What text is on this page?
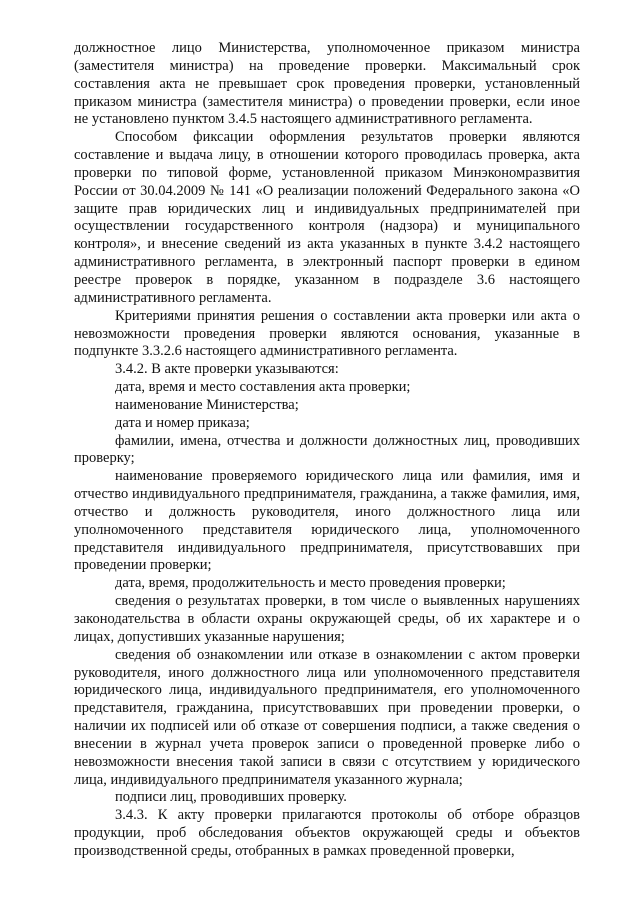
должностное лицо Министерства, уполномоченное приказом министра (заместителя министра) на проведение проверки. Максимальный срок составления акта не превышает срок проведения проверки, установленный приказом министра (заместителя министра) о проведении проверки, если иное не установлено пунктом 3.4.5 настоящего административного регламента.

Способом фиксации оформления результатов проверки являются составление и выдача лицу, в отношении которого проводилась проверка, акта проверки по типовой форме, установленной приказом Минэкономразвития России от 30.04.2009 № 141 «О реализации положений Федерального закона «О защите прав юридических лиц и индивидуальных предпринимателей при осуществлении государственного контроля (надзора) и муниципального контроля», и внесение сведений из акта указанных в пункте 3.4.2 настоящего административного регламента, в электронный паспорт проверки в едином реестре проверок в порядке, указанном в подразделе 3.6 настоящего административного регламента.

Критериями принятия решения о составлении акта проверки или акта о невозможности проведения проверки являются основания, указанные в подпункте 3.3.2.6 настоящего административного регламента.

3.4.2. В акте проверки указываются:

дата, время и место составления акта проверки;

наименование Министерства;

дата и номер приказа;

фамилии, имена, отчества и должности должностных лиц, проводивших проверку;

наименование проверяемого юридического лица или фамилия, имя и отчество индивидуального предпринимателя, гражданина, а также фамилия, имя, отчество и должность руководителя, иного должностного лица или уполномоченного представителя юридического лица, уполномоченного представителя индивидуального предпринимателя, присутствовавших при проведении проверки;

дата, время, продолжительность и место проведения проверки;

сведения о результатах проверки, в том числе о выявленных нарушениях законодательства в области охраны окружающей среды, об их характере и о лицах, допустивших указанные нарушения;

сведения об ознакомлении или отказе в ознакомлении с актом проверки руководителя, иного должностного лица или уполномоченного представителя юридического лица, индивидуального предпринимателя, его уполномоченного представителя, гражданина, присутствовавших при проведении проверки, о наличии их подписей или об отказе от совершения подписи, а также сведения о внесении в журнал учета проверок записи о проведенной проверке либо о невозможности внесения такой записи в связи с отсутствием у юридического лица, индивидуального предпринимателя указанного журнала;

подписи лиц, проводивших проверку.

3.4.3. К акту проверки прилагаются протоколы об отборе образцов продукции, проб обследования объектов окружающей среды и объектов производственной среды, отобранных в рамках проведенной проверки,
